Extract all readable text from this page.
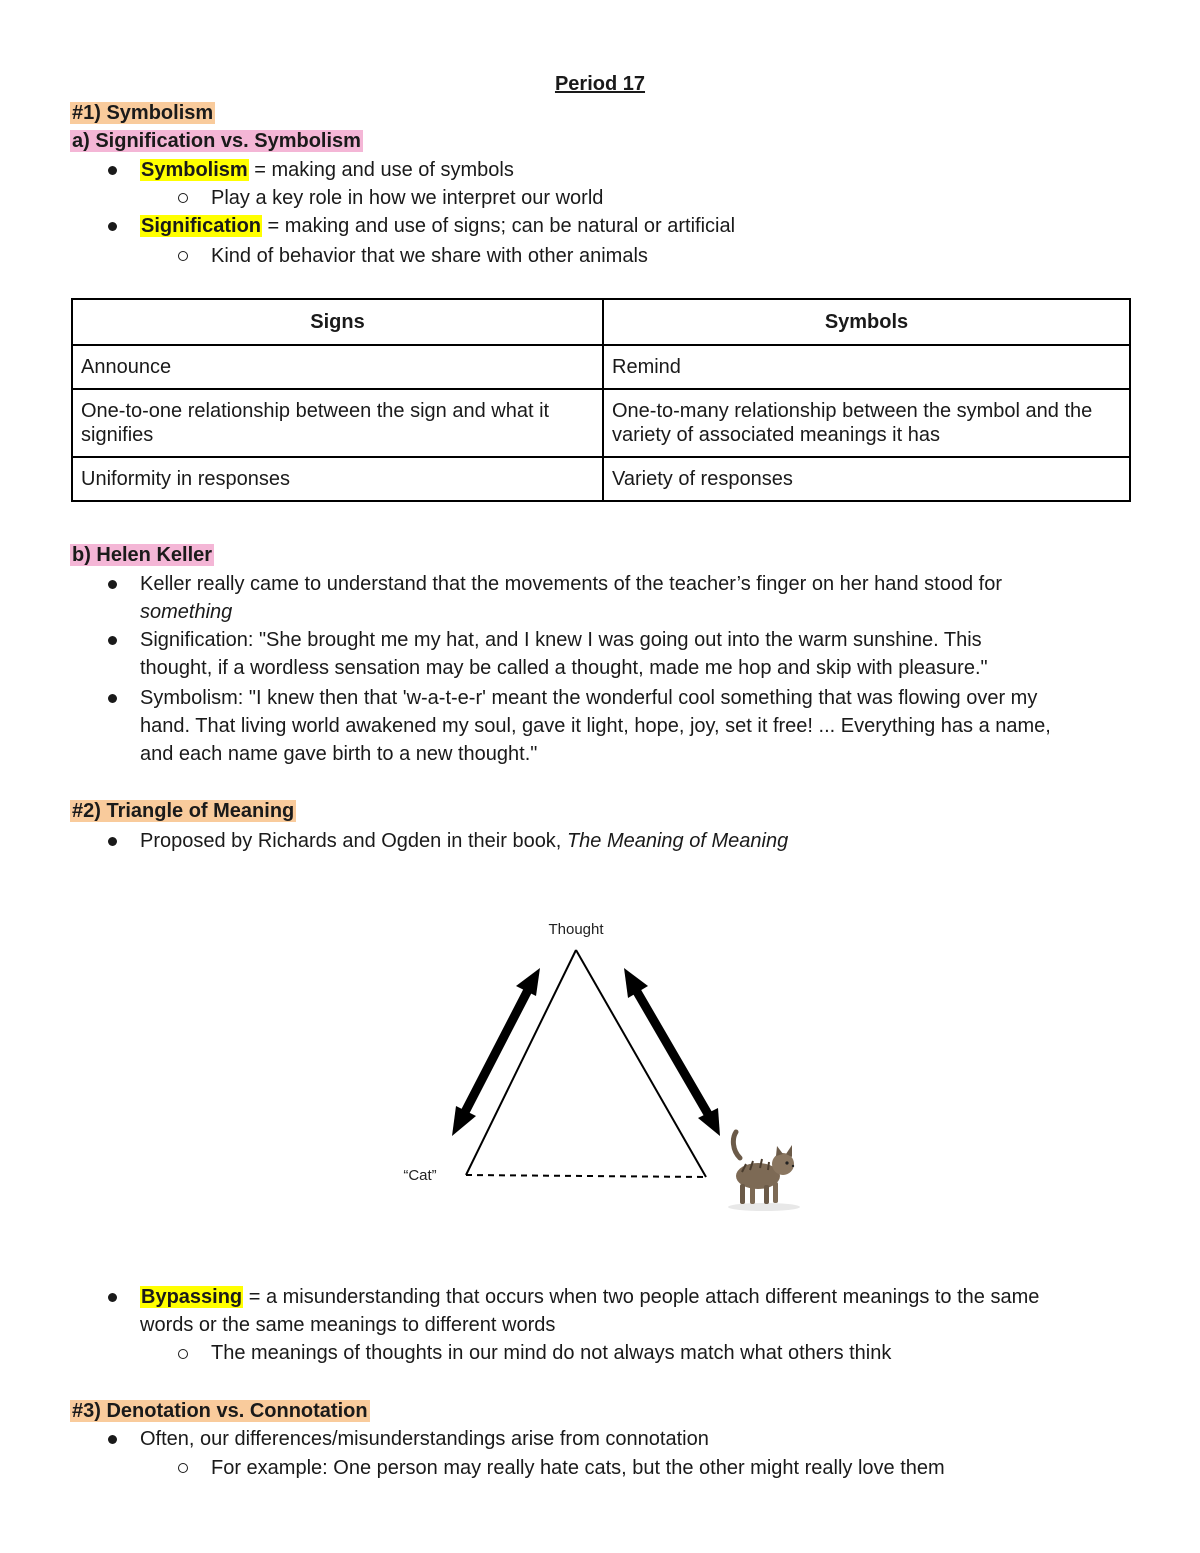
Period 17
#1) Symbolism
a) Signification vs. Symbolism
Symbolism = making and use of symbols
Play a key role in how we interpret our world
Signification = making and use of signs; can be natural or artificial
Kind of behavior that we share with other animals
Signs	Symbols
Announce	Remind
One-to-one relationship between the sign and what it signifies	One-to-many relationship between the symbol and the variety of associated meanings it has
Uniformity in responses	Variety of responses
b) Helen Keller
Keller really came to understand that the movements of the teacher’s finger on her hand stood for
something
Signification: "She brought me my hat, and I knew I was going out into the warm sunshine. This
thought, if a wordless sensation may be called a thought, made me hop and skip with pleasure."
Symbolism: "I knew then that 'w-a-t-e-r' meant the wonderful cool something that was flowing over my
hand. That living world awakened my soul, gave it light, hope, joy, set it free! ... Everything has a name,
and each name gave birth to a new thought."
#2) Triangle of Meaning
Proposed by Richards and Ogden in their book, The Meaning of Meaning
Thought
“Cat”
Bypassing = a misunderstanding that occurs when two people attach different meanings to the same
words or the same meanings to different words
The meanings of thoughts in our mind do not always match what others think
#3) Denotation vs. Connotation
Often, our differences/misunderstandings arise from connotation
For example: One person may really hate cats, but the other might really love them
